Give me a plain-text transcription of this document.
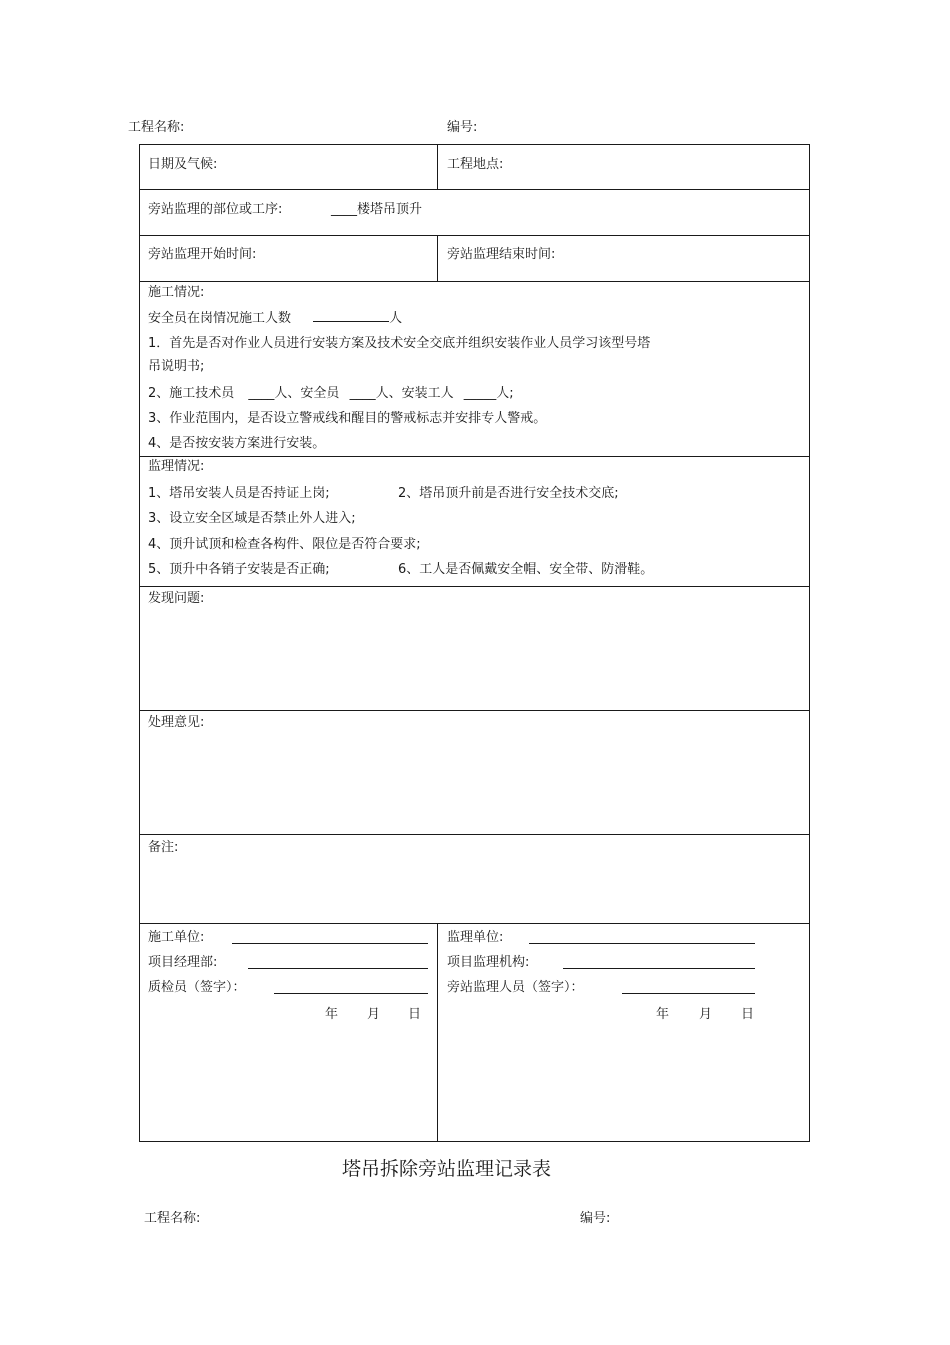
工程名称:	编号:
日期及气候:	工程地点:
旁站监理的部位或工序:	____楼塔吊顶升
旁站监理开始时间:	旁站监理结束时间:
施工情况:
安全员在岗情况施工人数	人
1．首先是否对作业人员进行安装方案及技术安全交底并组织安装作业人员学习该型号塔
吊说明书;
2、施工技术员 ____人、安全员 ____人、安装工人 _____人;
3、作业范围内，是否设立警戒线和醒目的警戒标志并安排专人警戒。
4、是否按安装方案进行安装。
监理情况:
1、塔吊安装人员是否持证上岗;	2、塔吊顶升前是否进行安全技术交底;
3、设立安全区域是否禁止外人进入;
4、顶升试顶和检查各构件、限位是否符合要求;
5、顶升中各销子安装是否正确;	6、工人是否佩戴安全帽、安全带、防滑鞋。
发现问题:
处理意见:
备注:
施工单位:
项目经理部:
质检员（签字）：
年 月 日
监理单位:
项目监理机构:
旁站监理人员（签字）：
年 月 日
塔吊拆除旁站监理记录表
工程名称:	编号:
